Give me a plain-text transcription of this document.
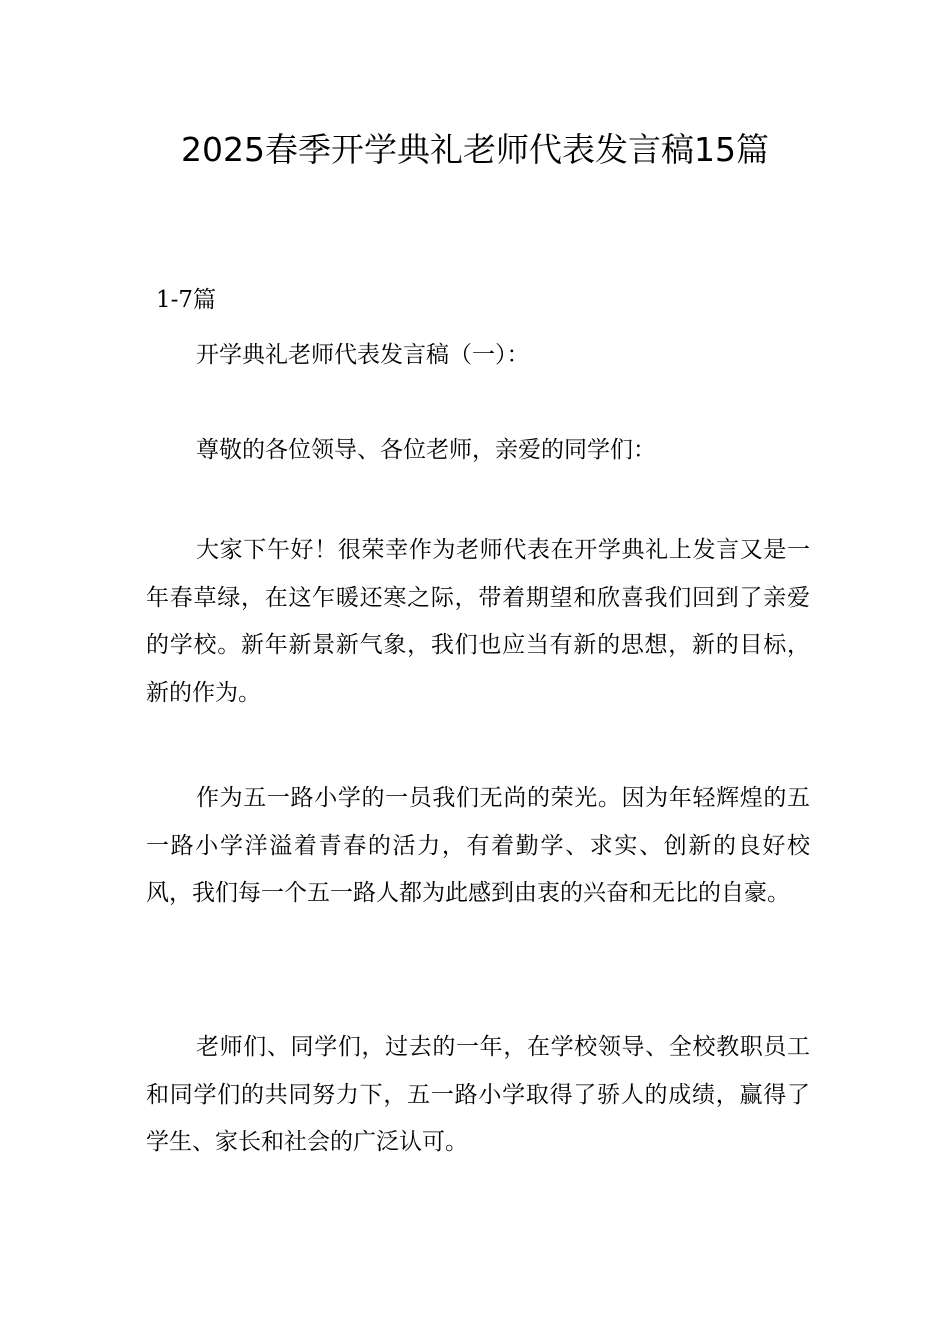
2025春季开学典礼老师代表发言稿15篇

1-7篇

开学典礼老师代表发言稿（一）：

尊敬的各位领导、各位老师，亲爱的同学们：

大家下午好！很荣幸作为老师代表在开学典礼上发言又是一年春草绿，在这乍暖还寒之际，带着期望和欣喜我们回到了亲爱的学校。新年新景新气象，我们也应当有新的思想，新的目标，新的作为。

作为五一路小学的一员我们无尚的荣光。因为年轻辉煌的五一路小学洋溢着青春的活力，有着勤学、求实、创新的良好校风，我们每一个五一路人都为此感到由衷的兴奋和无比的自豪。

老师们、同学们，过去的一年，在学校领导、全校教职员工和同学们的共同努力下，五一路小学取得了骄人的成绩，赢得了学生、家长和社会的广泛认可。
